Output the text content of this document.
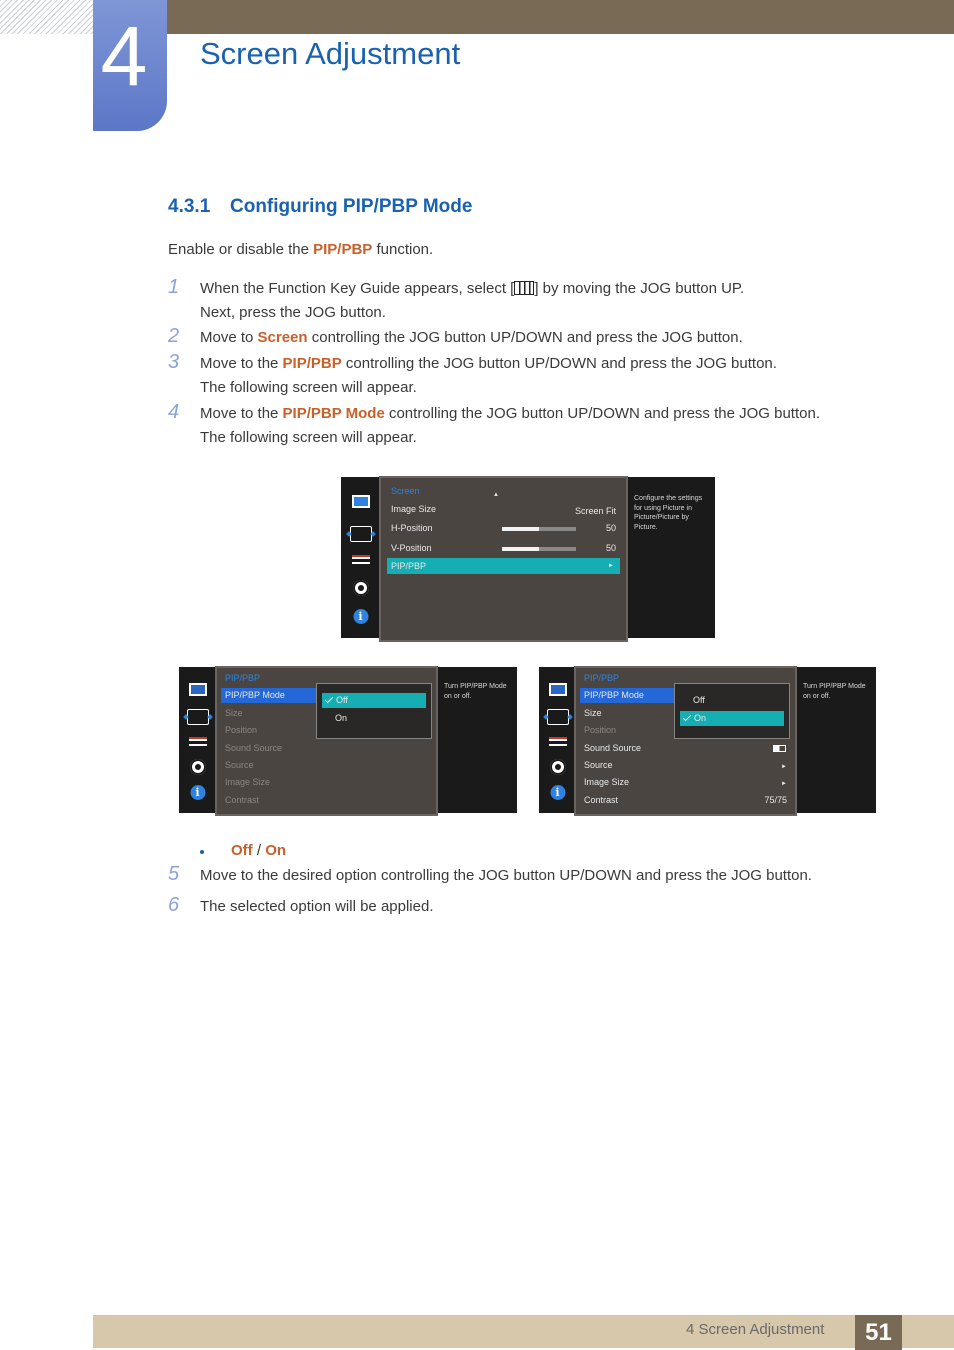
4 Screen Adjustment
4.3.1 Configuring PIP/PBP Mode
Enable or disable the PIP/PBP function.
1 When the Function Key Guide appears, select [ ] by moving the JOG button UP.
Next, press the JOG button.
2 Move to Screen controlling the JOG button UP/DOWN and press the JOG button.
3 Move to the PIP/PBP controlling the JOG button UP/DOWN and press the JOG button.
The following screen will appear.
4 Move to the PIP/PBP Mode controlling the JOG button UP/DOWN and press the JOG button.
The following screen will appear.
i
Screen	▲
Image Size	Screen Fit
H-Position	50
V-Position	50
PIP/PBP	►
Configure the settings for using Picture in Picture/Picture by Picture.
i
PIP/PBP
PIP/PBP Mode
Size
Position
Sound Source
Source
Image Size
Contrast
Off
On
Turn PIP/PBP Mode on or off.
i
PIP/PBP
PIP/PBP Mode
Size
Position
Sound Source
Source	►
Image Size	►
Contrast	75/75
Off
On
Turn PIP/PBP Mode on or off.
Off / On
5 Move to the desired option controlling the JOG button UP/DOWN and press the JOG button.
6 The selected option will be applied.
4 Screen Adjustment	51
